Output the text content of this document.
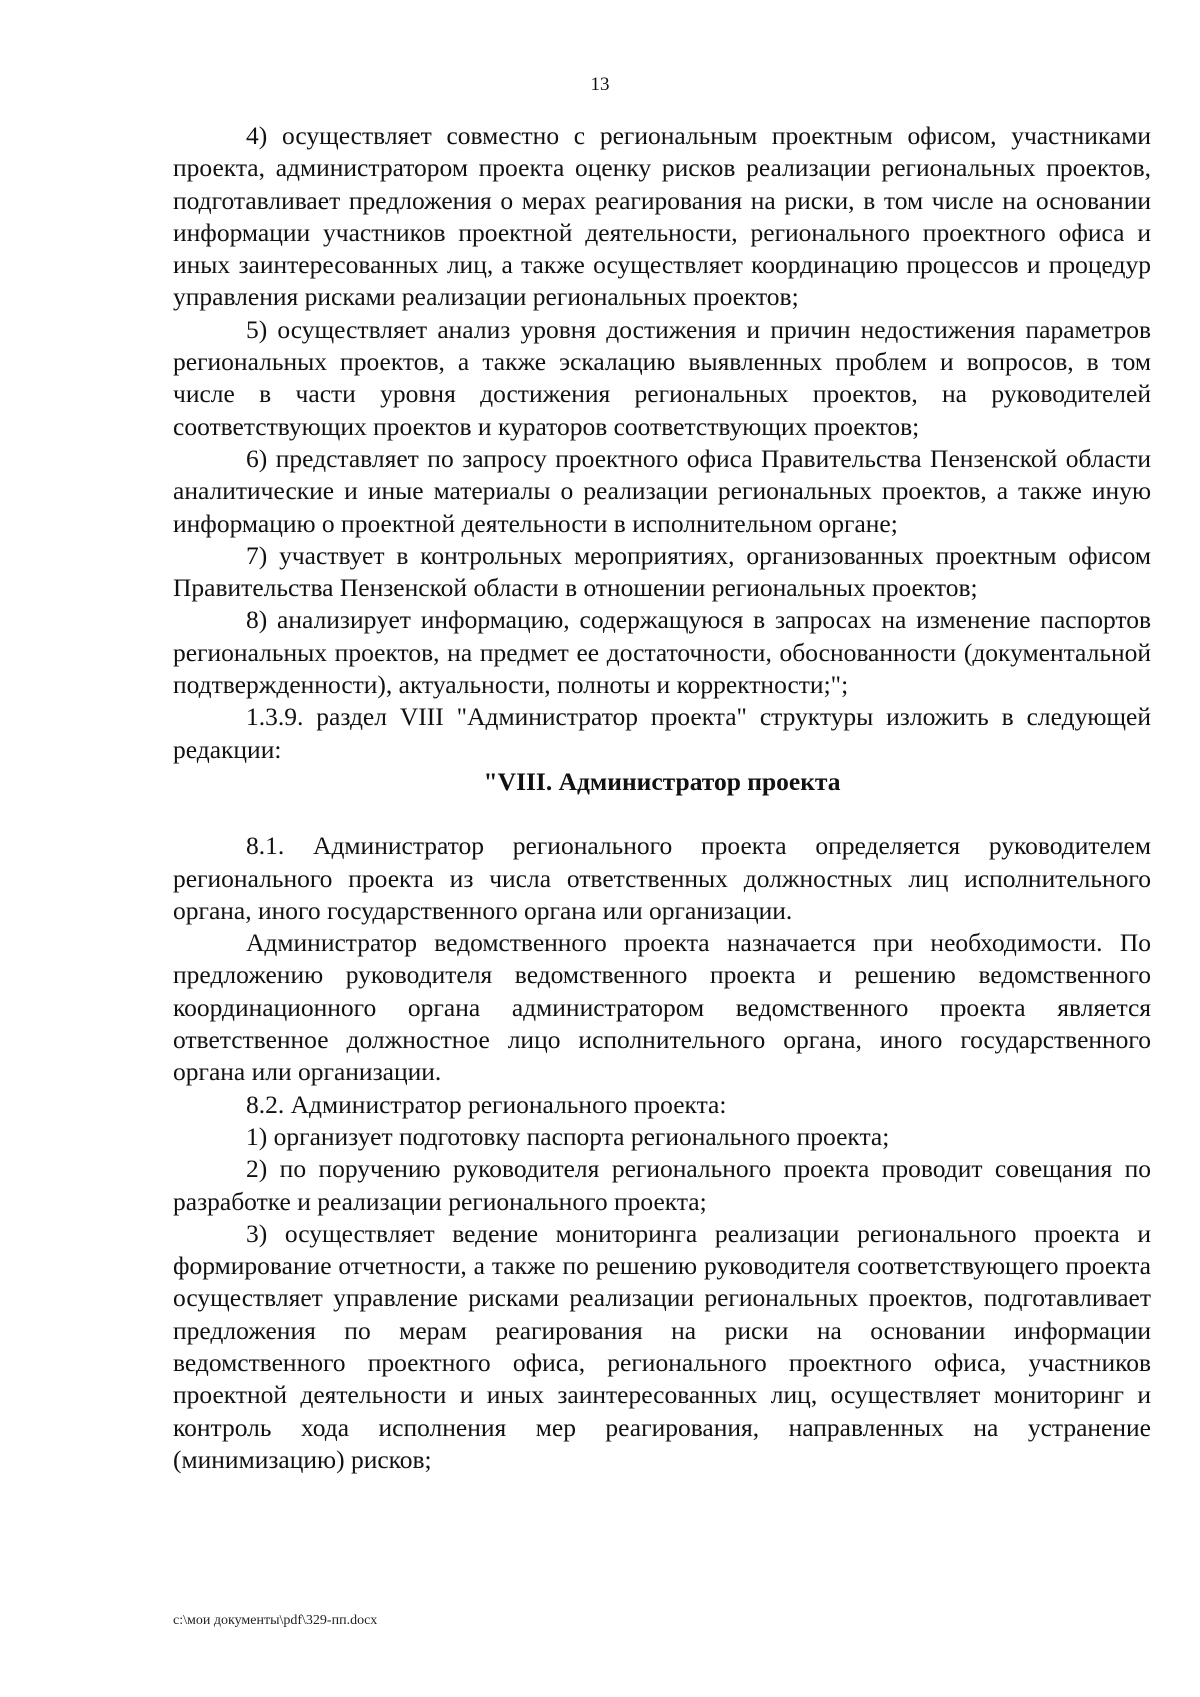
13

4) осуществляет совместно с региональным проектным офисом, участниками проекта, администратором проекта оценку рисков реализации региональных проектов, подготавливает предложения о мерах реагирования на риски, в том числе на основании информации участников проектной деятельности, регионального проектного офиса и иных заинтересованных лиц, а также осуществляет координацию процессов и процедур управления рисками реализации региональных проектов;

5) осуществляет анализ уровня достижения и причин недостижения параметров региональных проектов, а также эскалацию выявленных проблем и вопросов, в том числе в части уровня достижения региональных проектов, на руководителей соответствующих проектов и кураторов соответствующих проектов;

6) представляет по запросу проектного офиса Правительства Пензенской области аналитические и иные материалы о реализации региональных проектов, а также иную информацию о проектной деятельности в исполнительном органе;

7) участвует в контрольных мероприятиях, организованных проектным офисом Правительства Пензенской области в отношении региональных проектов;

8) анализирует информацию, содержащуюся в запросах на изменение паспортов региональных проектов, на предмет ее достаточности, обоснованности (документальной подтвержденности), актуальности, полноты и корректности;";

1.3.9. раздел VIII "Администратор проекта" структуры изложить в следующей редакции:

"VIII. Администратор проекта

8.1. Администратор регионального проекта определяется руководителем регионального проекта из числа ответственных должностных лиц исполнительного органа, иного государственного органа или организации.

Администратор ведомственного проекта назначается при необходимости. По предложению руководителя ведомственного проекта и решению ведомственного координационного органа администратором ведомственного проекта является ответственное должностное лицо исполнительного органа, иного государственного органа или организации.

8.2. Администратор регионального проекта:

1) организует подготовку паспорта регионального проекта;

2) по поручению руководителя регионального проекта проводит совещания по разработке и реализации регионального проекта;

3) осуществляет ведение мониторинга реализации регионального проекта и формирование отчетности, а также по решению руководителя соответствующего проекта осуществляет управление рисками реализации региональных проектов, подготавливает предложения по мерам реагирования на риски на основании информации ведомственного проектного офиса, регионального проектного офиса, участников проектной деятельности и иных заинтересованных лиц, осуществляет мониторинг и контроль хода исполнения мер реагирования, направленных на устранение (минимизацию) рисков;

c:\мои документы\pdf\329-пп.docx
